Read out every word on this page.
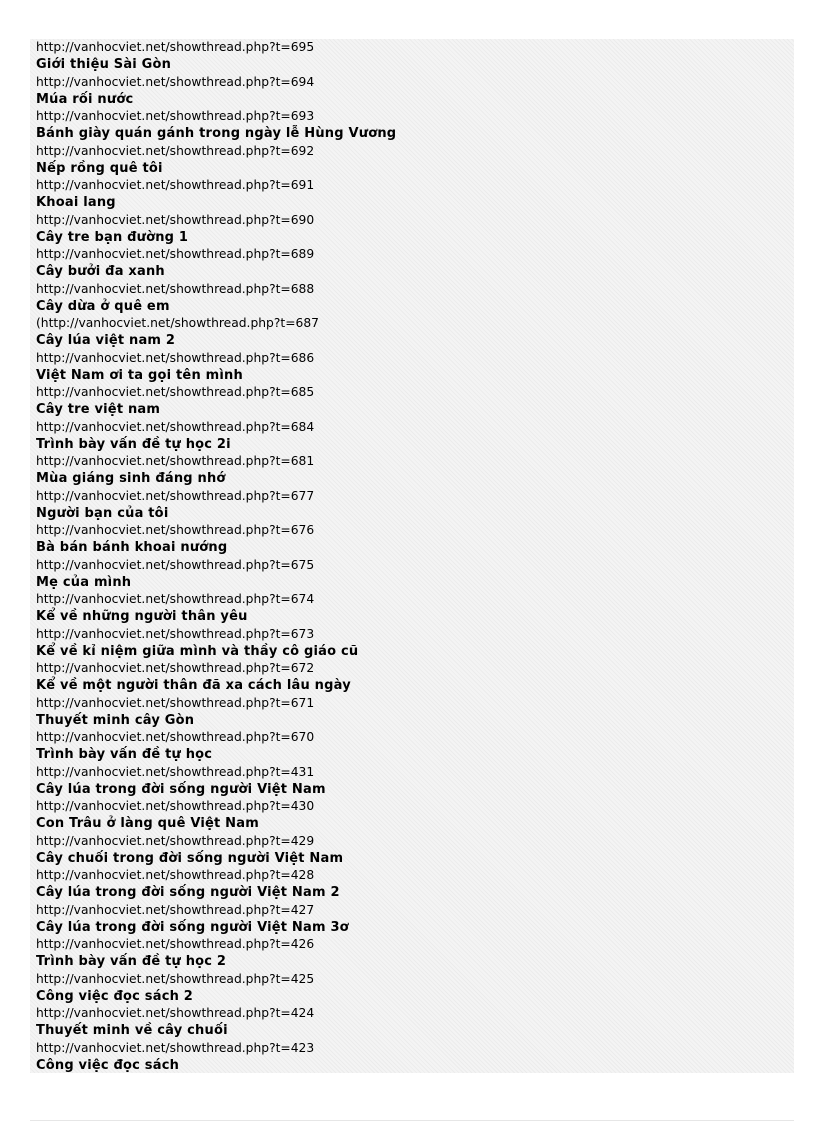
http://vanhocviet.net/showthread.php?t=695
Giới thiệu Sài Gòn
http://vanhocviet.net/showthread.php?t=694
Múa rối nước
http://vanhocviet.net/showthread.php?t=693
Bánh giày quán gánh trong ngày lễ Hùng Vương
http://vanhocviet.net/showthread.php?t=692
Nếp rồng quê tôi
http://vanhocviet.net/showthread.php?t=691
Khoai lang
http://vanhocviet.net/showthread.php?t=690
Cây tre bạn đường 1
http://vanhocviet.net/showthread.php?t=689
Cây bưởi đa xanh
http://vanhocviet.net/showthread.php?t=688
Cây dừa ở quê em
(http://vanhocviet.net/showthread.php?t=687
Cây lúa việt nam 2
http://vanhocviet.net/showthread.php?t=686
Việt Nam ơi ta gọi tên mình
http://vanhocviet.net/showthread.php?t=685
Cây tre việt nam
http://vanhocviet.net/showthread.php?t=684
Trình bày vấn đề tự học 2i
http://vanhocviet.net/showthread.php?t=681
Mùa giáng sinh đáng nhớ
http://vanhocviet.net/showthread.php?t=677
Người bạn của tôi
http://vanhocviet.net/showthread.php?t=676
Bà bán bánh khoai nướng
http://vanhocviet.net/showthread.php?t=675
Mẹ của mình
http://vanhocviet.net/showthread.php?t=674
Kể về những người thân yêu
http://vanhocviet.net/showthread.php?t=673
Kể về kỉ niệm giữa mình và thầy cô giáo cũ
http://vanhocviet.net/showthread.php?t=672
Kể về một người thân đã xa cách lâu ngày
http://vanhocviet.net/showthread.php?t=671
Thuyết minh cây Gòn
http://vanhocviet.net/showthread.php?t=670
Trình bày vấn đề tự học
http://vanhocviet.net/showthread.php?t=431
Cây lúa trong đời sống người Việt Nam
http://vanhocviet.net/showthread.php?t=430
Con Trâu ở làng quê Việt Nam
http://vanhocviet.net/showthread.php?t=429
Cây chuối trong đời sống người Việt Nam
http://vanhocviet.net/showthread.php?t=428
Cây lúa trong đời sống người Việt Nam 2
http://vanhocviet.net/showthread.php?t=427
Cây lúa trong đời sống người Việt Nam 3ơ
http://vanhocviet.net/showthread.php?t=426
Trình bày vấn đề tự học 2
http://vanhocviet.net/showthread.php?t=425
Công việc đọc sách 2
http://vanhocviet.net/showthread.php?t=424
Thuyết minh về cây chuối
http://vanhocviet.net/showthread.php?t=423
Công việc đọc sách
